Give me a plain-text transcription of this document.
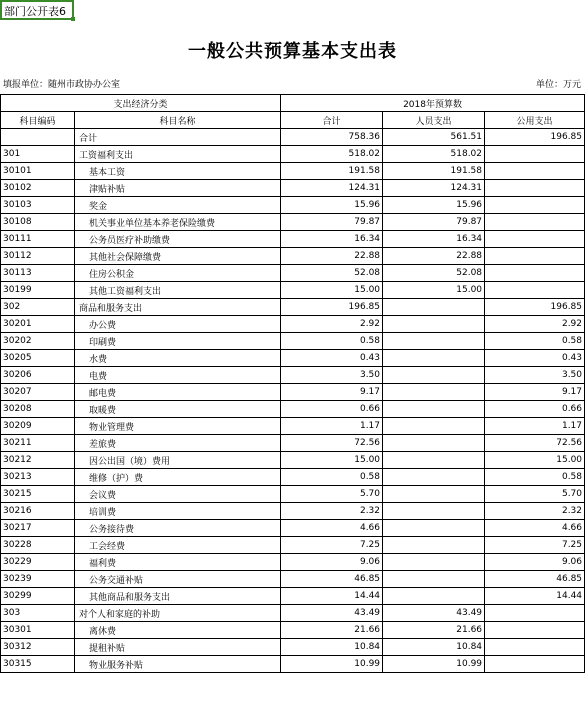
部门公开表6
一般公共预算基本支出表
填报单位：随州市政协办公室	单位：万元
支出经济分类		2018年预算数		
科目编码	科目名称	合计	人员支出	公用支出
	合计	758.36	561.51	196.85
301	工资福利支出	518.02	518.02	
30101	基本工资	191.58	191.58	
30102	津贴补贴	124.31	124.31	
30103	奖金	15.96	15.96	
30108	机关事业单位基本养老保险缴费	79.87	79.87	
30111	公务员医疗补助缴费	16.34	16.34	
30112	其他社会保障缴费	22.88	22.88	
30113	住房公积金	52.08	52.08	
30199	其他工资福利支出	15.00	15.00	
302	商品和服务支出	196.85		196.85
30201	办公费	2.92		2.92
30202	印刷费	0.58		0.58
30205	水费	0.43		0.43
30206	电费	3.50		3.50
30207	邮电费	9.17		9.17
30208	取暖费	0.66		0.66
30209	物业管理费	1.17		1.17
30211	差旅费	72.56		72.56
30212	因公出国（境）费用	15.00		15.00
30213	维修（护）费	0.58		0.58
30215	会议费	5.70		5.70
30216	培训费	2.32		2.32
30217	公务接待费	4.66		4.66
30228	工会经费	7.25		7.25
30229	福利费	9.06		9.06
30239	公务交通补贴	46.85		46.85
30299	其他商品和服务支出	14.44		14.44
303	对个人和家庭的补助	43.49	43.49	
30301	离休费	21.66	21.66	
30312	提租补贴	10.84	10.84	
30315	物业服务补贴	10.99	10.99	
